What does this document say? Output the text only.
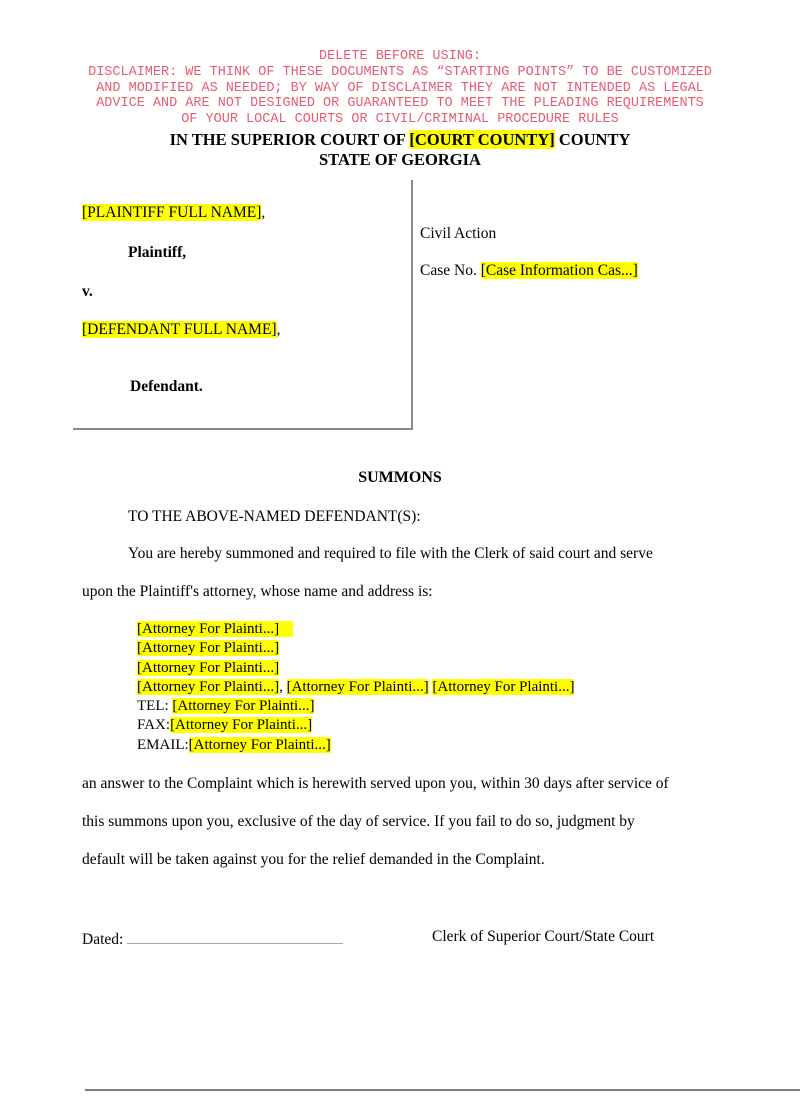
DELETE BEFORE USING:
DISCLAIMER: WE THINK OF THESE DOCUMENTS AS “STARTING POINTS” TO BE CUSTOMIZED
AND MODIFIED AS NEEDED; BY WAY OF DISCLAIMER THEY ARE NOT INTENDED AS LEGAL
ADVICE AND ARE NOT DESIGNED OR GUARANTEED TO MEET THE PLEADING REQUIREMENTS
OF YOUR LOCAL COURTS OR CIVIL/CRIMINAL PROCEDURE RULES
IN THE SUPERIOR COURT OF [COURT COUNTY] COUNTY
STATE OF GEORGIA
[PLAINTIFF FULL NAME],
Plaintiff,
v.
[DEFENDANT FULL NAME],
Defendant.
Civil Action
Case No. [Case Information Cas...]
SUMMONS
TO THE ABOVE-NAMED DEFENDANT(S):
You are hereby summoned and required to file with the Clerk of said court and serve
upon the Plaintiff's attorney, whose name and address is:
[Attorney For Plainti...]
[Attorney For Plainti...]
[Attorney For Plainti...]
[Attorney For Plainti...], [Attorney For Plainti...] [Attorney For Plainti...]
TEL: [Attorney For Plainti...]
FAX:[Attorney For Plainti...]
EMAIL:[Attorney For Plainti...]
an answer to the Complaint which is herewith served upon you, within 30 days after service of
this summons upon you, exclusive of the day of service. If you fail to do so, judgment by
default will be taken against you for the relief demanded in the Complaint.
Dated:	Clerk of Superior Court/State Court
